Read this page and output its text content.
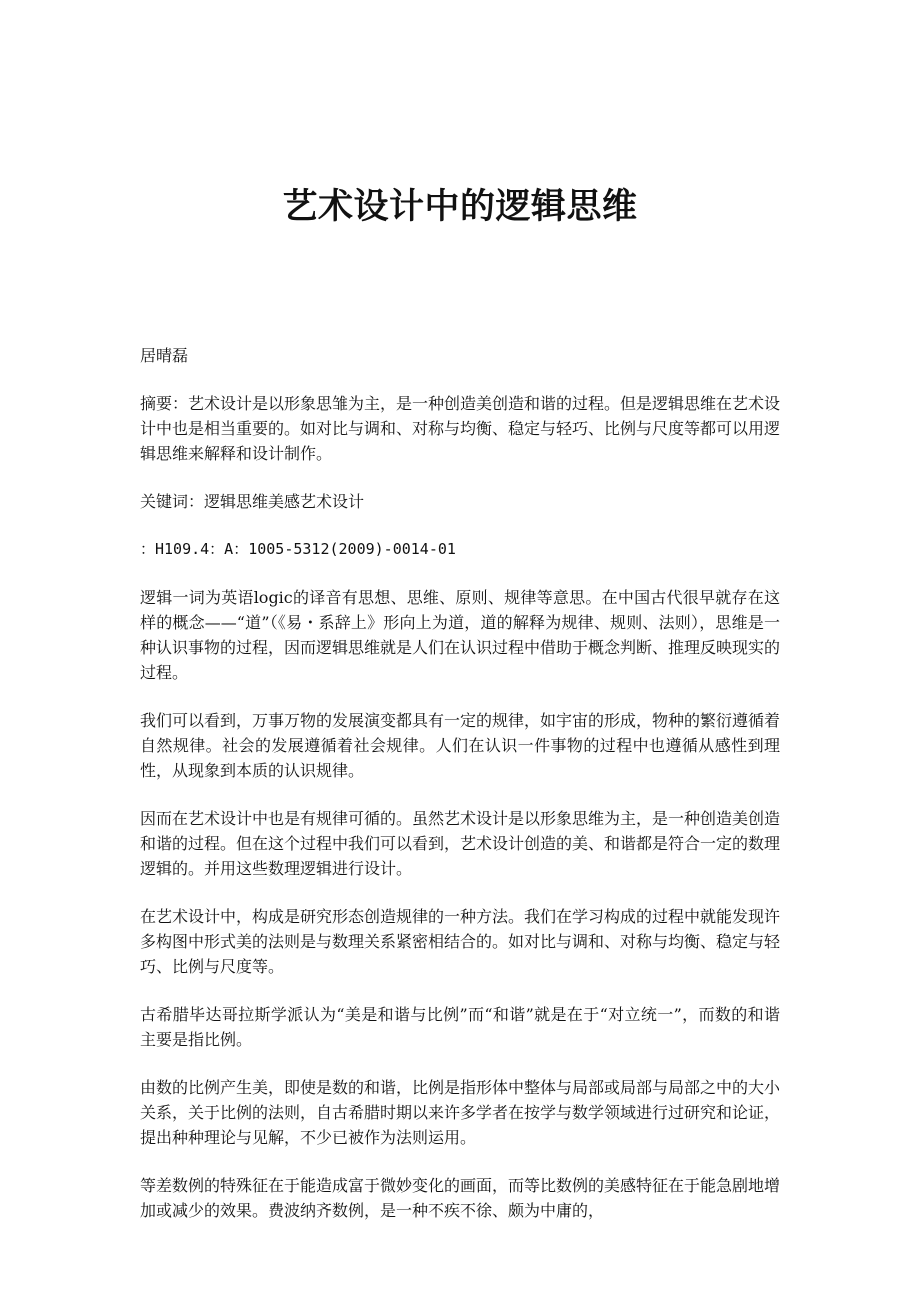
艺术设计中的逻辑思维

居晴磊

摘要：艺术设计是以形象思雏为主，是一种创造美创造和谐的过程。但是逻辑思维在艺术设计中也是相当重要的。如对比与调和、对称与均衡、稳定与轻巧、比例与尺度等都可以用逻辑思维来解释和设计制作。

关键词：逻辑思维美感艺术设计

：H109.4：A：1005-5312(2009)-0014-01

逻辑一词为英语logic的译音有思想、思维、原则、规律等意思。在中国古代很早就存在这样的概念——“道”（《易・系辞上》形向上为道，道的解释为规律、规则、法则），思维是一种认识事物的过程，因而逻辑思维就是人们在认识过程中借助于概念判断、推理反映现实的过程。

我们可以看到，万事万物的发展演变都具有一定的规律，如宇宙的形成，物种的繁衍遵循着自然规律。社会的发展遵循着社会规律。人们在认识一件事物的过程中也遵循从感性到理性，从现象到本质的认识规律。

因而在艺术设计中也是有规律可循的。虽然艺术设计是以形象思维为主，是一种创造美创造和谐的过程。但在这个过程中我们可以看到，艺术设计创造的美、和谐都是符合一定的数理逻辑的。并用这些数理逻辑进行设计。

在艺术设计中，构成是研究形态创造规律的一种方法。我们在学习构成的过程中就能发现许多构图中形式美的法则是与数理关系紧密相结合的。如对比与调和、对称与均衡、稳定与轻巧、比例与尺度等。

古希腊毕达哥拉斯学派认为“美是和谐与比例”而“和谐”就是在于“对立统一”，而数的和谐主要是指比例。

由数的比例产生美，即使是数的和谐，比例是指形体中整体与局部或局部与局部之中的大小关系，关于比例的法则，自古希腊时期以来许多学者在按学与数学领域进行过研究和论证，提出种种理论与见解，不少已被作为法则运用。

等差数例的特殊征在于能造成富于微妙变化的画面，而等比数例的美感特征在于能急剧地增加或减少的效果。费波纳齐数例，是一种不疾不徐、颇为中庸的，
